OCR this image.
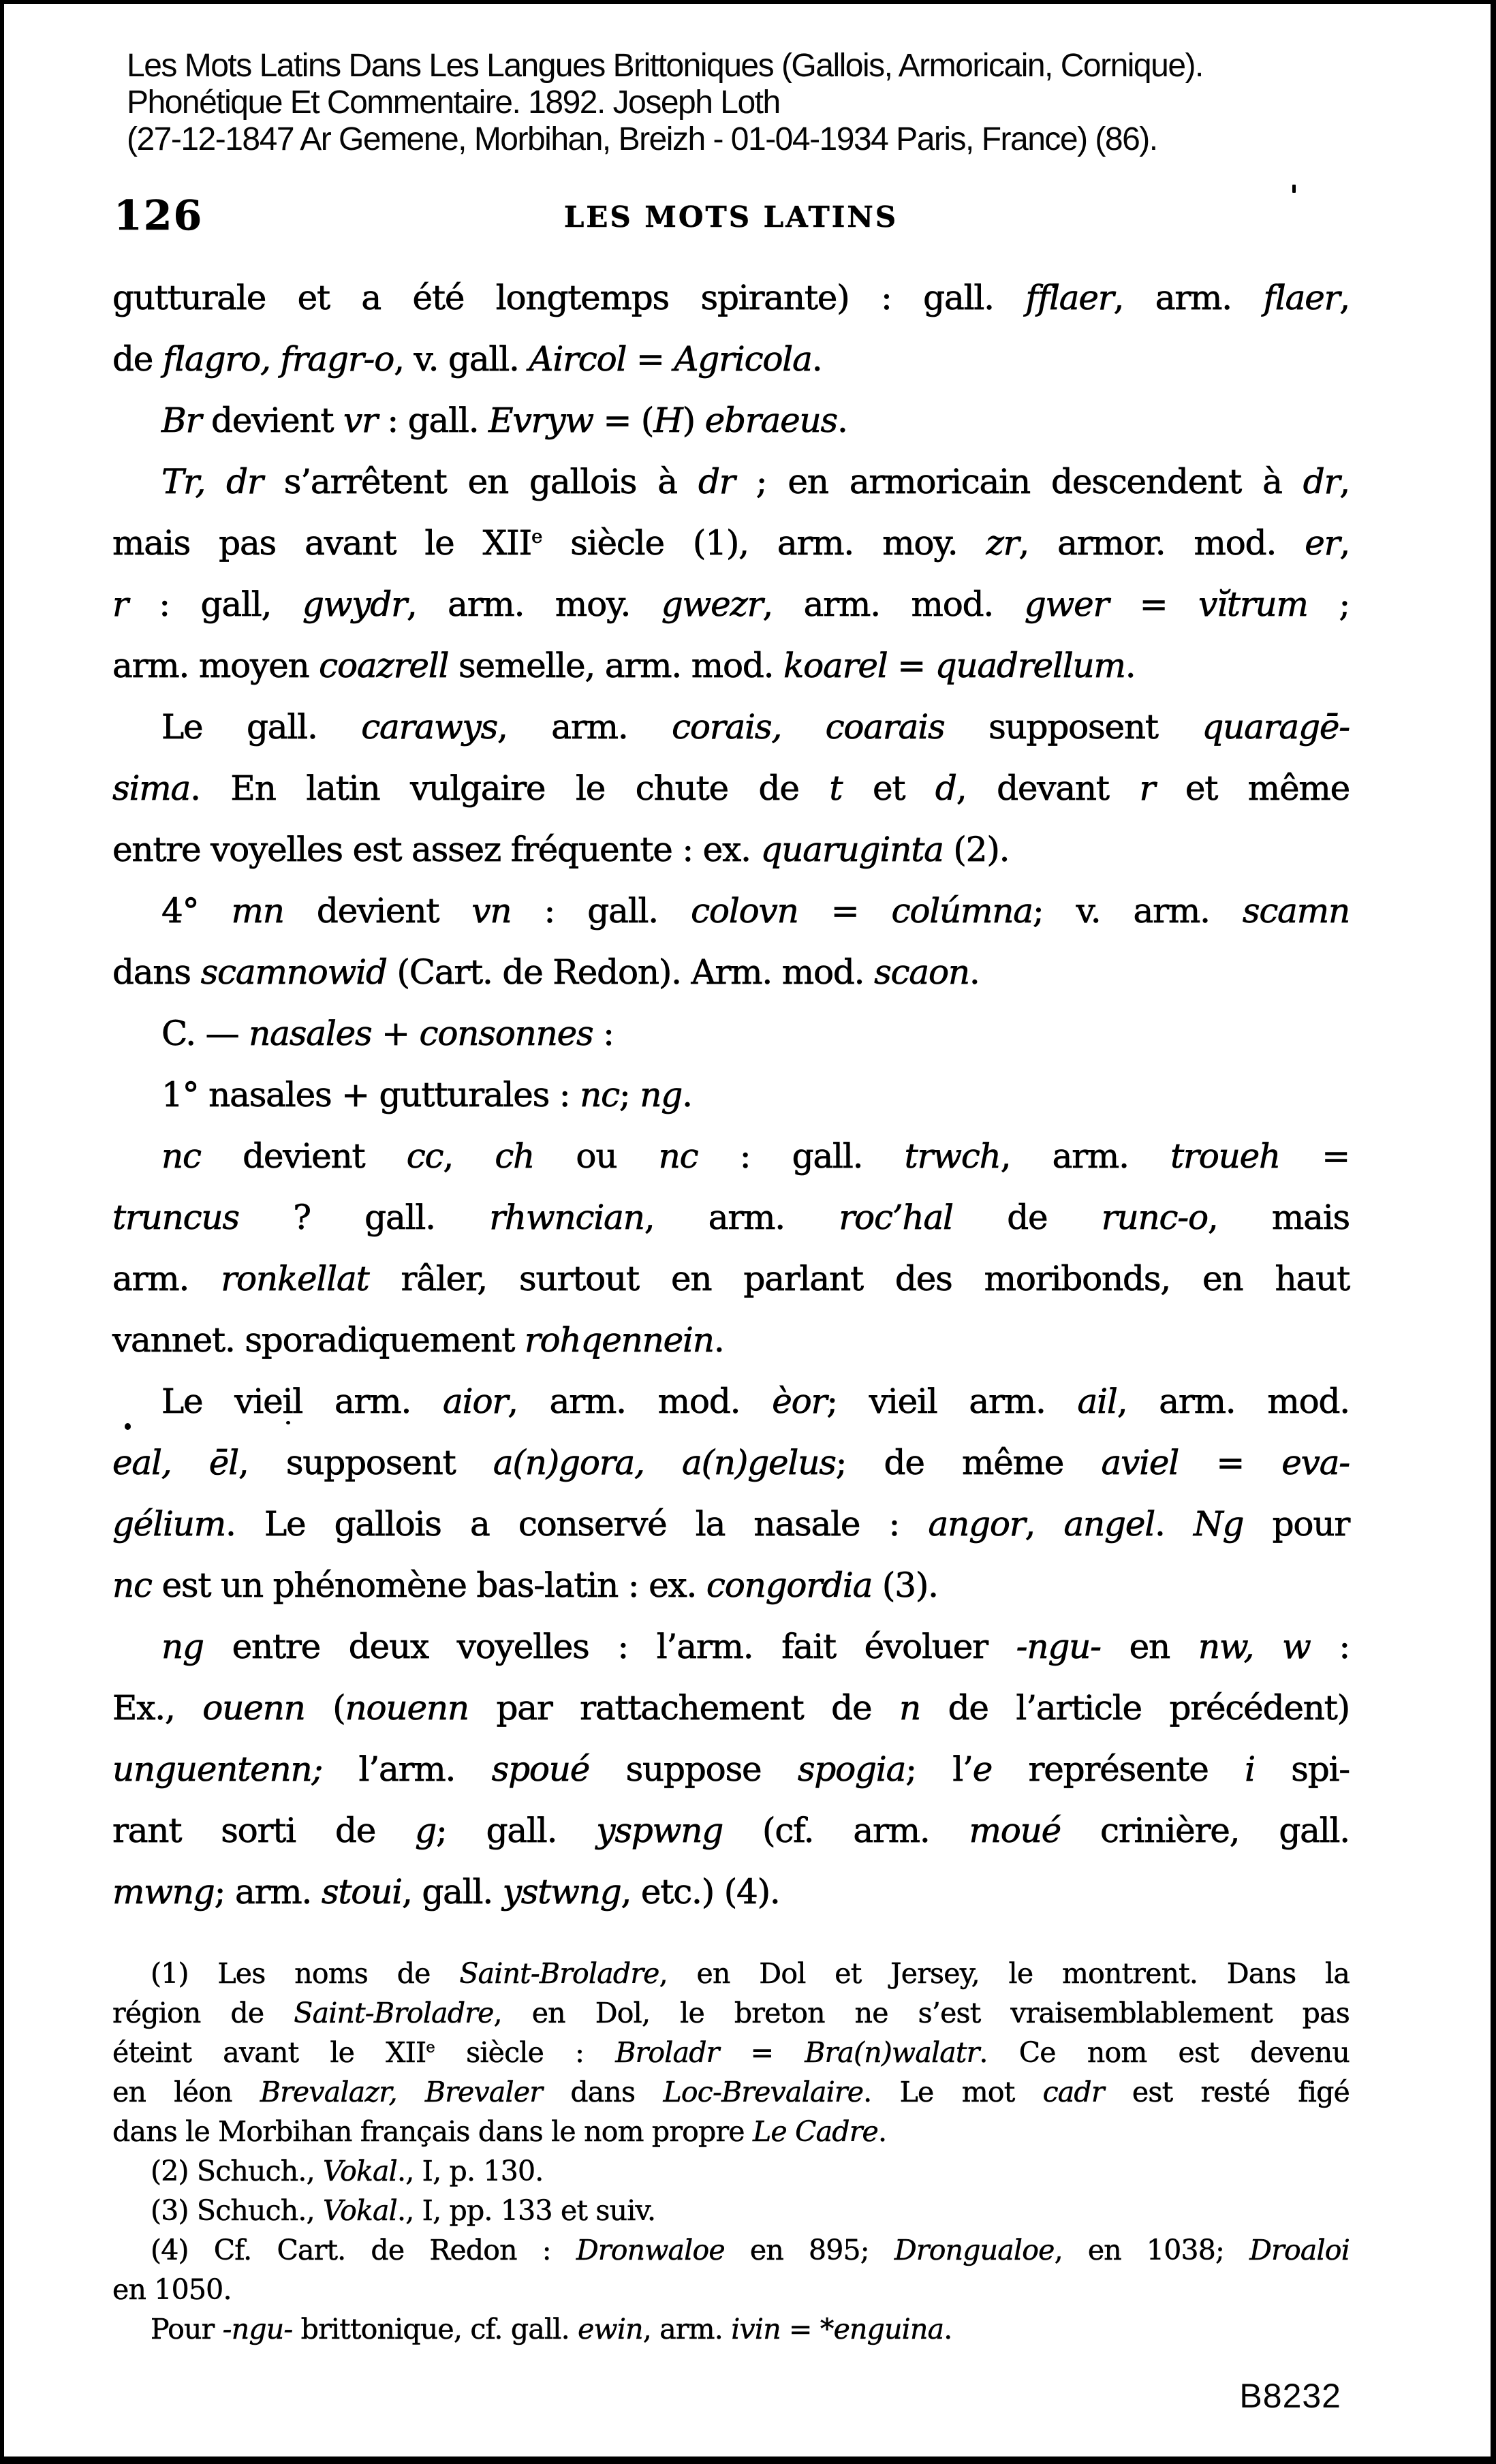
Les Mots Latins Dans Les Langues Brittoniques (Gallois, Armoricain, Cornique).
Phonétique Et Commentaire. 1892. Joseph Loth
(27-12-1847 Ar Gemene, Morbihan, Breizh - 01-04-1934 Paris, France) (86).
126	LES MOTS LATINS
gutturale et a été longtemps spirante) : gall. fflaer, arm. flaer,
de flagro, fragr-o, v. gall. Aircol = Agricola.
Br devient vr : gall. Evryw = (H) ebraeus.
Tr, dr s’arrêtent en gallois à dr ; en armoricain descendent à dr,
mais pas avant le XIIe siècle (1), arm. moy. zr, armor. mod. er,
r : gall, gwydr, arm. moy. gwezr, arm. mod. gwer = vĭtrum ;
arm. moyen coazrell semelle, arm. mod. koarel = quadrellum.
Le gall. carawys, arm. corais, coarais supposent quaragē-
sima. En latin vulgaire le chute de t et d, devant r et même
entre voyelles est assez fréquente : ex. quaruginta (2).
4° mn devient vn : gall. colovn = colúmna; v. arm. scamn
dans scamnowid (Cart. de Redon). Arm. mod. scaon.
C. — nasales + consonnes :
1° nasales + gutturales : nc; ng.
nc devient cc, ch ou nc : gall. trwch, arm. troueh =
truncus ? gall. rhwncian, arm. roc’hal de runc-o, mais
arm. ronkellat râler, surtout en parlant des moribonds, en haut
vannet. sporadiquement rohqennein.
Le vieil arm. aior, arm. mod. èor; vieil arm. ail, arm. mod.
eal, ēl, supposent a(n)gora, a(n)gelus; de même aviel = eva-
gélium. Le gallois a conservé la nasale : angor, angel. Ng pour
nc est un phénomène bas-latin : ex. congordia (3).
ng entre deux voyelles : l’arm. fait évoluer -ngu- en nw, w :
Ex., ouenn (nouenn par rattachement de n de l’article précédent)
unguentenn; l’arm. spoué suppose spogia; l’e représente i spi-
rant sorti de g; gall. yspwng (cf. arm. moué crinière, gall.
mwng; arm. stoui, gall. ystwng, etc.) (4).
(1) Les noms de Saint-Broladre, en Dol et Jersey, le montrent. Dans la
région de Saint-Broladre, en Dol, le breton ne s’est vraisemblablement pas
éteint avant le XIIe siècle : Broladr = Bra(n)walatr. Ce nom est devenu
en léon Brevalazr, Brevaler dans Loc-Brevalaire. Le mot cadr est resté figé
dans le Morbihan français dans le nom propre Le Cadre.
(2) Schuch., Vokal., I, p. 130.
(3) Schuch., Vokal., I, pp. 133 et suiv.
(4) Cf. Cart. de Redon : Dronwaloe en 895; Drongualoe, en 1038; Droaloi
en 1050.
Pour -ngu- brittonique, cf. gall. ewin, arm. ivin = *enguina.
B8232
